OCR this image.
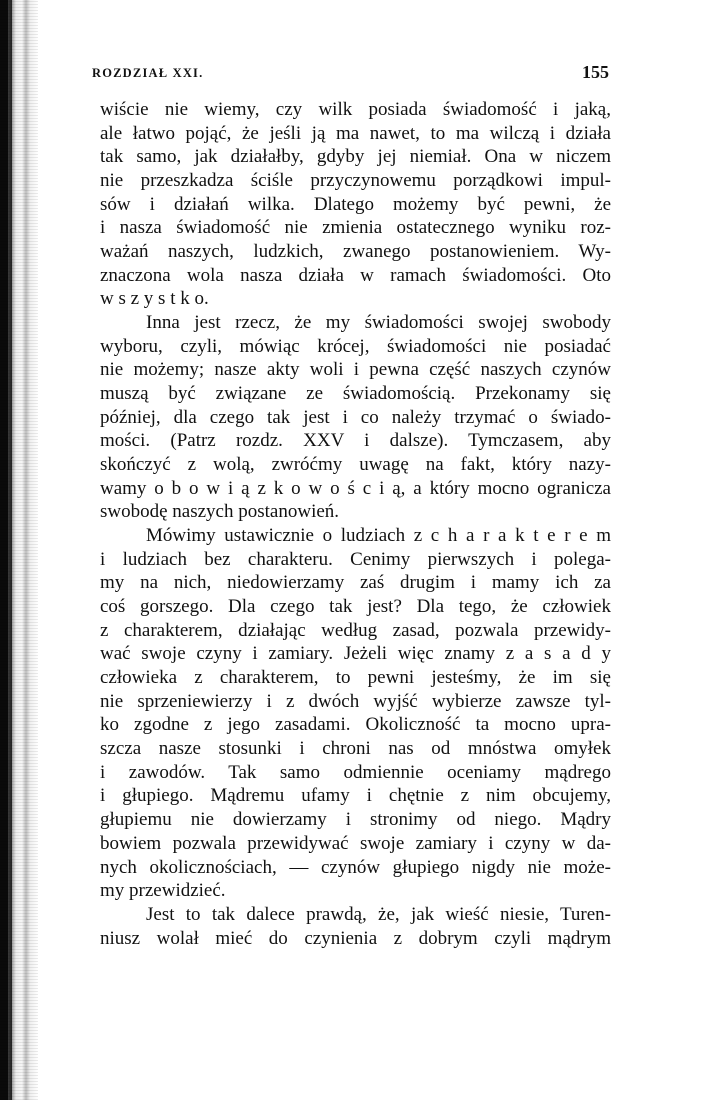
ROZDZIAŁ XXI.	155
wiście nie wiemy, czy wilk posiada świadomość i jaką,
ale łatwo pojąć, że jeśli ją ma nawet, to ma wilczą i działa
tak samo, jak działałby, gdyby jej niemiał. Ona w niczem
nie przeszkadza ściśle przyczynowemu porządkowi impul-
sów i działań wilka. Dlatego możemy być pewni, że
i nasza świadomość nie zmienia ostatecznego wyniku roz-
ważań naszych, ludzkich, zwanego postanowieniem. Wy-
znaczona wola nasza działa w ramach świadomości. Oto
w s z y s t k o.
Inna jest rzecz, że my świadomości swojej swobody
wyboru, czyli, mówiąc krócej, świadomości nie posiadać
nie możemy; nasze akty woli i pewna część naszych czynów
muszą być związane ze świadomością. Przekonamy się
później, dla czego tak jest i co należy trzymać o świado-
mości. (Patrz rozdz. XXV i dalsze). Tymczasem, aby
skończyć z wolą, zwróćmy uwagę na fakt, który nazy-
wamy o b o w i ą z k o w o ś c i ą, a który mocno ogranicza
swobodę naszych postanowień.
Mówimy ustawicznie o ludziach z c h a r a k t e r e m
i ludziach bez charakteru. Cenimy pierwszych i polega-
my na nich, niedowierzamy zaś drugim i mamy ich za
coś gorszego. Dla czego tak jest? Dla tego, że człowiek
z charakterem, działając według zasad, pozwala przewidy-
wać swoje czyny i zamiary. Jeżeli więc znamy z a s a d y
człowieka z charakterem, to pewni jesteśmy, że im się
nie sprzeniewierzy i z dwóch wyjść wybierze zawsze tyl-
ko zgodne z jego zasadami. Okoliczność ta mocno upra-
szcza nasze stosunki i chroni nas od mnóstwa omyłek
i zawodów. Tak samo odmiennie oceniamy mądrego
i głupiego. Mądremu ufamy i chętnie z nim obcujemy,
głupiemu nie dowierzamy i stronimy od niego. Mądry
bowiem pozwala przewidywać swoje zamiary i czyny w da-
nych okolicznościach, — czynów głupiego nigdy nie może-
my przewidzieć.
Jest to tak dalece prawdą, że, jak wieść niesie, Turen-
niusz wolał mieć do czynienia z dobrym czyli mądrym
